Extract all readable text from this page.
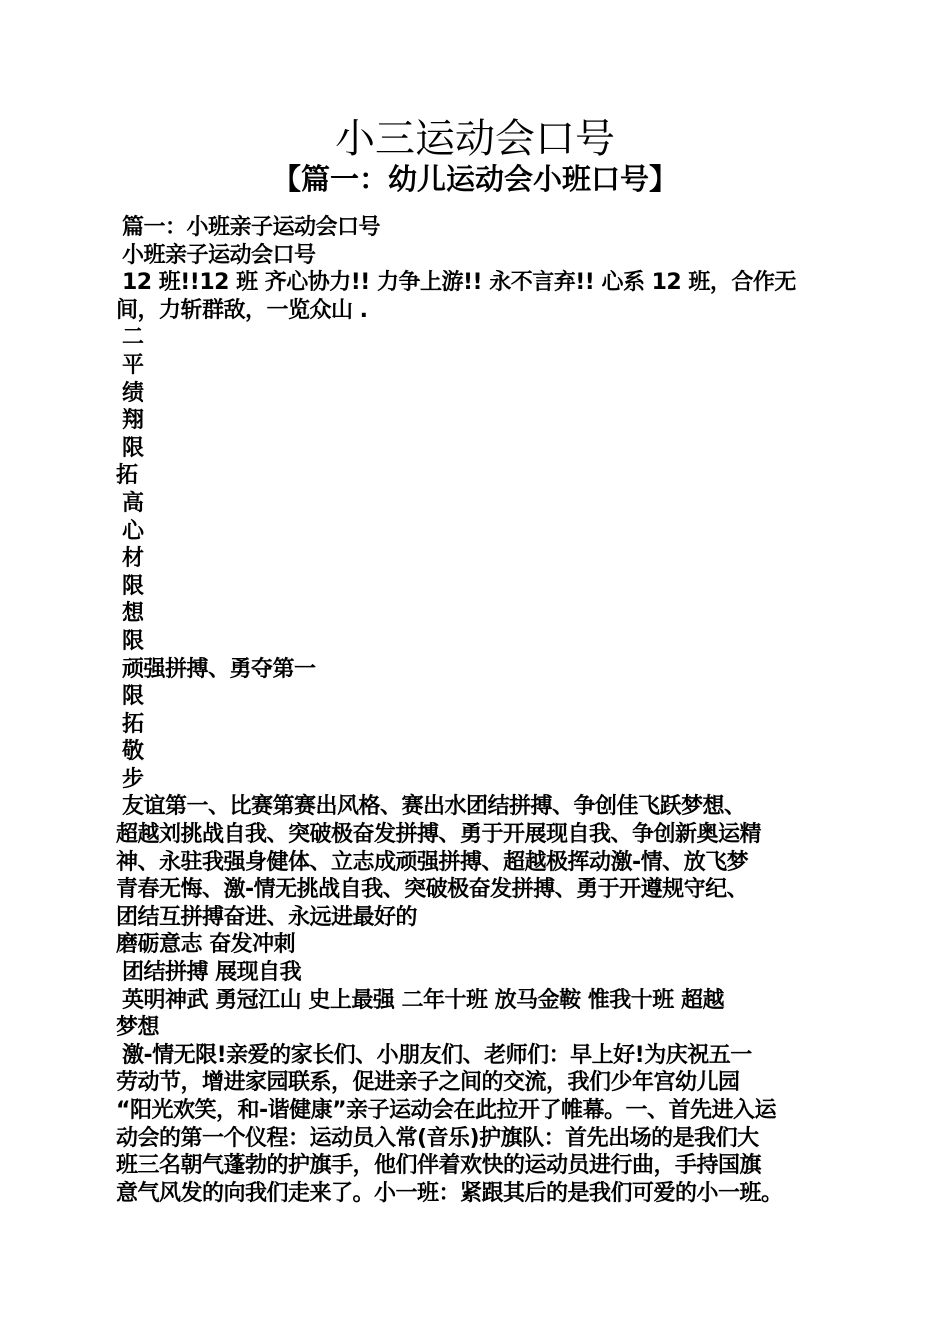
小三运动会口号
【篇一：幼儿运动会小班口号】
篇一：小班亲子运动会口号
小班亲子运动会口号
12 班!!12 班 齐心协力!! 力争上游!! 永不言弃!! 心系 12 班，合作无
间，力斩群敌，一览众山 .
二
平
绩
翔
限
拓
高
心
材
限
想
限
顽强拼搏、勇夺第一
限
拓
敬
步
友谊第一、比赛第赛出风格、赛出水团结拼搏、争创佳飞跃梦想、
超越刘挑战自我、突破极奋发拼搏、勇于开展现自我、争创新奥运精
神、永驻我强身健体、立志成顽强拼搏、超越极挥动激-情、放飞梦
青春无悔、激-情无挑战自我、突破极奋发拼搏、勇于开遵规守纪、
团结互拼搏奋进、永远进最好的
磨砺意志 奋发冲刺
团结拼搏 展现自我
英明神武 勇冠江山 史上最强 二年十班 放马金鞍 惟我十班 超越
梦想
激-情无限!亲爱的家长们、小朋友们、老师们：早上好!为庆祝五一
劳动节，增进家园联系，促进亲子之间的交流，我们少年宫幼儿园
“阳光欢笑，和-谐健康”亲子运动会在此拉开了帷幕。一、首先进入运
动会的第一个仪程：运动员入常(音乐)护旗队：首先出场的是我们大
班三名朝气蓬勃的护旗手，他们伴着欢快的运动员进行曲，手持国旗
意气风发的向我们走来了。小一班：紧跟其后的是我们可爱的小一班。
